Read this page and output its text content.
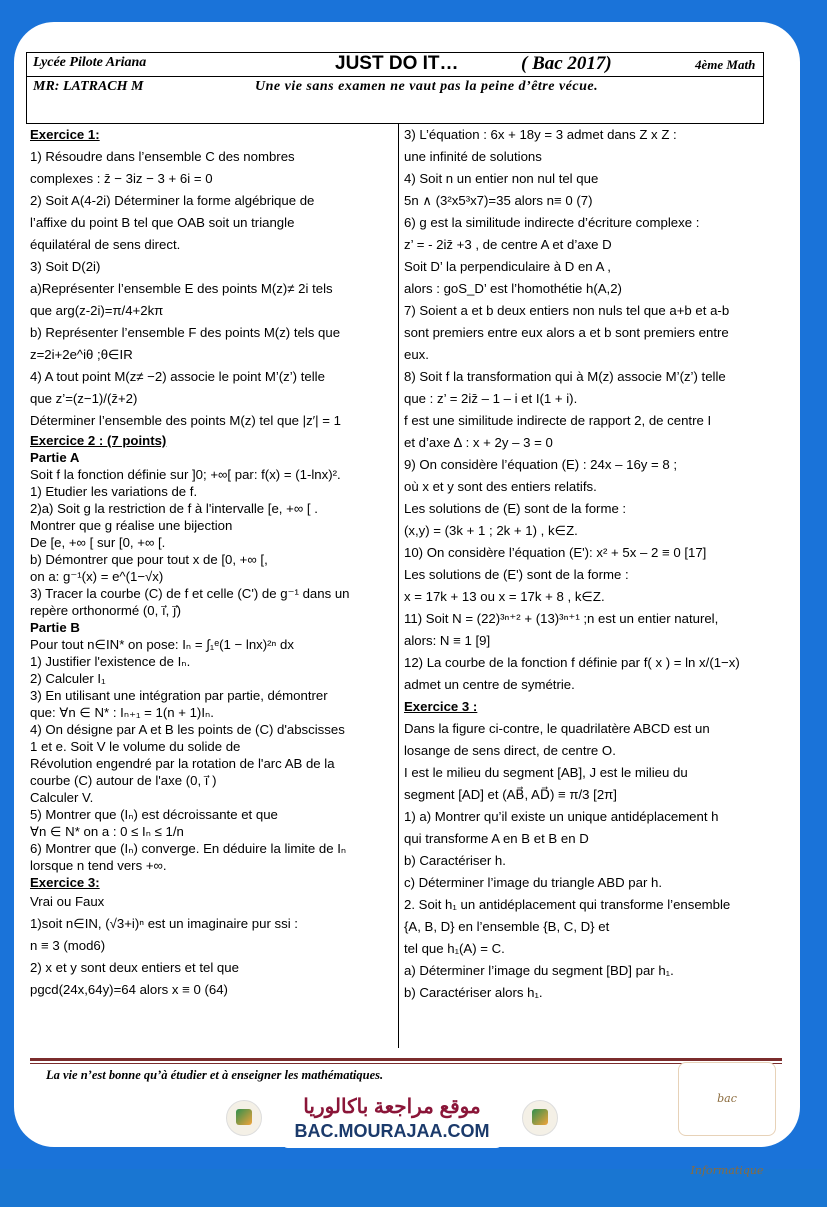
Lycée Pilote Ariana	JUST DO IT…	( Bac 2017)	4ème Math
MR: LATRACH M	Une vie sans examen ne vaut pas la peine d’être vécue.

Exercice 1:

1) Résoudre dans l’ensemble C des nombres

complexes : z̄ − 3iz − 3 + 6i = 0

2) Soit A(4-2i) Déterminer la forme algébrique de

l’affixe du point B tel que OAB soit un triangle

équilatéral de sens direct.

3) Soit D(2i)

a)Représenter l’ensemble E des points M(z)≠ 2i tels

que arg(z-2i)=π/4+2kπ

b) Représenter l’ensemble F des points M(z) tels que

z=2i+2e^iθ ;θ∈IR

4) A tout point M(z≠ −2) associe le point M’(z’) telle

que z’=(z−1)/(z̄+2)

Déterminer l’ensemble des points M(z) tel que |z′| = 1

Exercice 2 : (7 points)

Partie A

Soit f la fonction définie sur ]0; +∞[ par: f(x) = (1-lnx)².

1) Etudier les variations de f.

2)a) Soit g la restriction de f à l'intervalle [e, +∞ [ .

Montrer que g réalise une bijection

De [e, +∞ [ sur [0, +∞ [.

b) Démontrer que pour tout x de [0, +∞ [,

on a: g⁻¹(x) = e^(1−√x)

3) Tracer la courbe (C) de f et celle (C') de g⁻¹ dans un

repère orthonormé (0, i⃗, j⃗)

Partie B

Pour tout n∈IN* on pose: Iₙ = ∫₁ᵉ(1 − lnx)²ⁿ dx

1) Justifier l'existence de Iₙ.

2) Calculer I₁

3) En utilisant une intégration par partie, démontrer

que: ∀n ∈ N* : Iₙ₊₁ = 1(n + 1)Iₙ.

4) On désigne par A et B les points de (C) d'abscisses

1 et e. Soit V le volume du solide de

Révolution engendré par la rotation de l'arc AB de la

courbe (C) autour de l'axe (0, i⃗ )

Calculer V.

5) Montrer que (Iₙ) est décroissante et que

∀n ∈ N* on a : 0 ≤ Iₙ ≤ 1/n

6) Montrer que (Iₙ) converge. En déduire la limite de Iₙ

lorsque n tend vers +∞.

Exercice 3:

Vrai ou Faux

1)soit n∈IN, (√3+i)ⁿ est un imaginaire pur ssi :

n ≡ 3 (mod6)

2) x et y sont deux entiers et tel que

pgcd(24x,64y)=64 alors x ≡ 0 (64)

3) L’équation : 6x + 18y = 3 admet dans Z x Z :

une infinité de solutions

4) Soit n un entier non nul tel que

5n ∧ (3²x5³x7)=35 alors n≡ 0 (7)

6) g est la similitude indirecte d’écriture complexe :

z’ = - 2iz̄ +3 , de centre A et d’axe D

Soit D’ la perpendiculaire à D en A ,

alors : goS_D’ est l’homothétie h(A,2)

7) Soient a et b deux entiers non nuls tel que a+b et a-b

sont premiers entre eux alors a et b sont premiers entre

eux.

8) Soit f la transformation qui à M(z) associe M’(z’) telle

que : z’ = 2iz̄ – 1 – i et I(1 + i).

f est une similitude indirecte de rapport 2, de centre I

et d’axe ∆ : x + 2y – 3 = 0

9) On considère l’équation (E) : 24x – 16y = 8 ;

où x et y sont des entiers relatifs.

Les solutions de (E) sont de la forme :

(x,y) = (3k + 1 ; 2k + 1) , k∈Z.

10) On considère l’équation (E'): x² + 5x – 2 ≡ 0 [17]

Les solutions de (E') sont de la forme :

x = 17k + 13 ou x = 17k + 8 , k∈Z.

11) Soit N = (22)³ⁿ⁺² + (13)³ⁿ⁺¹ ;n est un entier naturel,

alors: N ≡ 1 [9]

12) La courbe de la fonction f définie par f( x ) = ln x/(1−x)

admet un centre de symétrie.

Exercice 3 :

Dans la figure ci-contre, le quadrilatère ABCD est un

losange de sens direct, de centre O.

I est le milieu du segment [AB], J est le milieu du

segment [AD] et (AB⃗, AD⃗) ≡ π/3 [2π]

1) a) Montrer qu’il existe un unique antidéplacement h

qui transforme A en B et B en D

b) Caractériser h.

c) Déterminer l’image du triangle ABD par h.

2. Soit h₁ un antidéplacement qui transforme l’ensemble

{A, B, D} en l’ensemble {B, C, D} et

tel que h₁(A) = C.

a) Déterminer l’image du segment [BD] par h₁.

b) Caractériser alors h₁.

La vie n’est bonne qu’à étudier et à enseigner les mathématiques.
موقع مراجعة باكالوريا
BAC.MOURAJAA.COM
bac Informatique
